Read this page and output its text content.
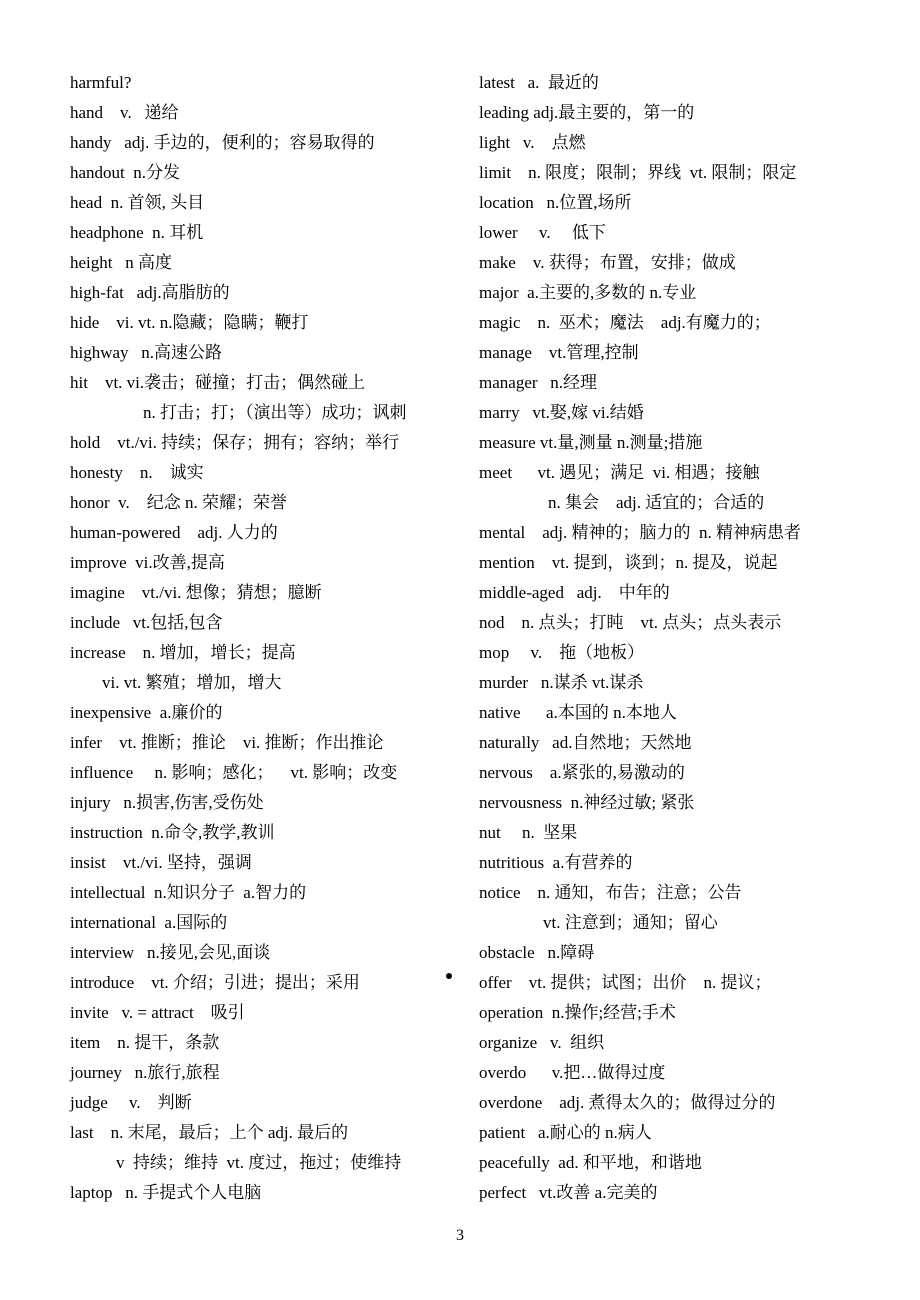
harmful?
hand    v.   递给
handy   adj. 手边的，便利的；容易取得的
handout  n.分发
head  n. 首领, 头目
headphone  n. 耳机
height   n 高度
high-fat   adj.高脂肪的
hide    vi. vt. n.隐藏；隐瞒；鞭打
highway   n.高速公路
hit    vt. vi.袭击；碰撞；打击；偶然碰上
n. 打击；打；（演出等）成功；讽刺
hold    vt./vi. 持续；保存；拥有；容纳；举行
honesty    n.    诚实
honor  v.    纪念 n. 荣耀；荣誉
human-powered    adj. 人力的
improve  vi.改善,提高
imagine    vt./vi. 想像；猜想；臆断
include   vt.包括,包含
increase    n. 增加，增长；提高
vi. vt. 繁殖；增加，增大
inexpensive  a.廉价的
infer    vt. 推断；推论    vi. 推断；作出推论
influence     n. 影响；感化；    vt. 影响；改变
injury   n.损害,伤害,受伤处
instruction  n.命令,教学,教训
insist    vt./vi. 坚持，强调
intellectual  n.知识分子  a.智力的
international  a.国际的
interview   n.接见,会见,面谈
introduce    vt. 介绍；引进；提出；采用
invite   v. = attract    吸引
item    n. 提干，条款
journey   n.旅行,旅程
judge     v.    判断
last    n. 末尾，最后；上个 adj. 最后的
v  持续；维持  vt. 度过，拖过；使维持
laptop   n. 手提式个人电脑
latest   a.  最近的
leading adj.最主要的，第一的
light   v.    点燃
limit    n. 限度；限制；界线  vt. 限制；限定
location   n.位置,场所
lower     v.     低下
make    v. 获得；布置，安排；做成
major  a.主要的,多数的 n.专业
magic    n.  巫术；魔法    adj.有魔力的；
manage    vt.管理,控制
manager   n.经理
marry   vt.娶,嫁 vi.结婚
measure vt.量,测量 n.测量;措施
meet      vt. 遇见；满足  vi. 相遇；接触
n. 集会    adj. 适宜的；合适的
mental    adj. 精神的；脑力的  n. 精神病患者
mention    vt. 提到，谈到；n. 提及，说起
middle-aged   adj.    中年的
nod    n. 点头；打盹    vt. 点头；点头表示
mop     v.    拖（地板）
murder   n.谋杀 vt.谋杀
native      a.本国的 n.本地人
naturally   ad.自然地；天然地
nervous    a.紧张的,易激动的
nervousness  n.神经过敏; 紧张
nut     n.  坚果
nutritious  a.有营养的
notice    n. 通知，布告；注意；公告
vt. 注意到；通知；留心
obstacle   n.障碍
offer    vt. 提供；试图；出价    n. 提议；
operation  n.操作;经营;手术
organize   v.  组织
overdo      v.把…做得过度
overdone    adj. 煮得太久的；做得过分的
patient   a.耐心的 n.病人
peacefully  ad. 和平地，和谐地
perfect   vt.改善 a.完美的
3
